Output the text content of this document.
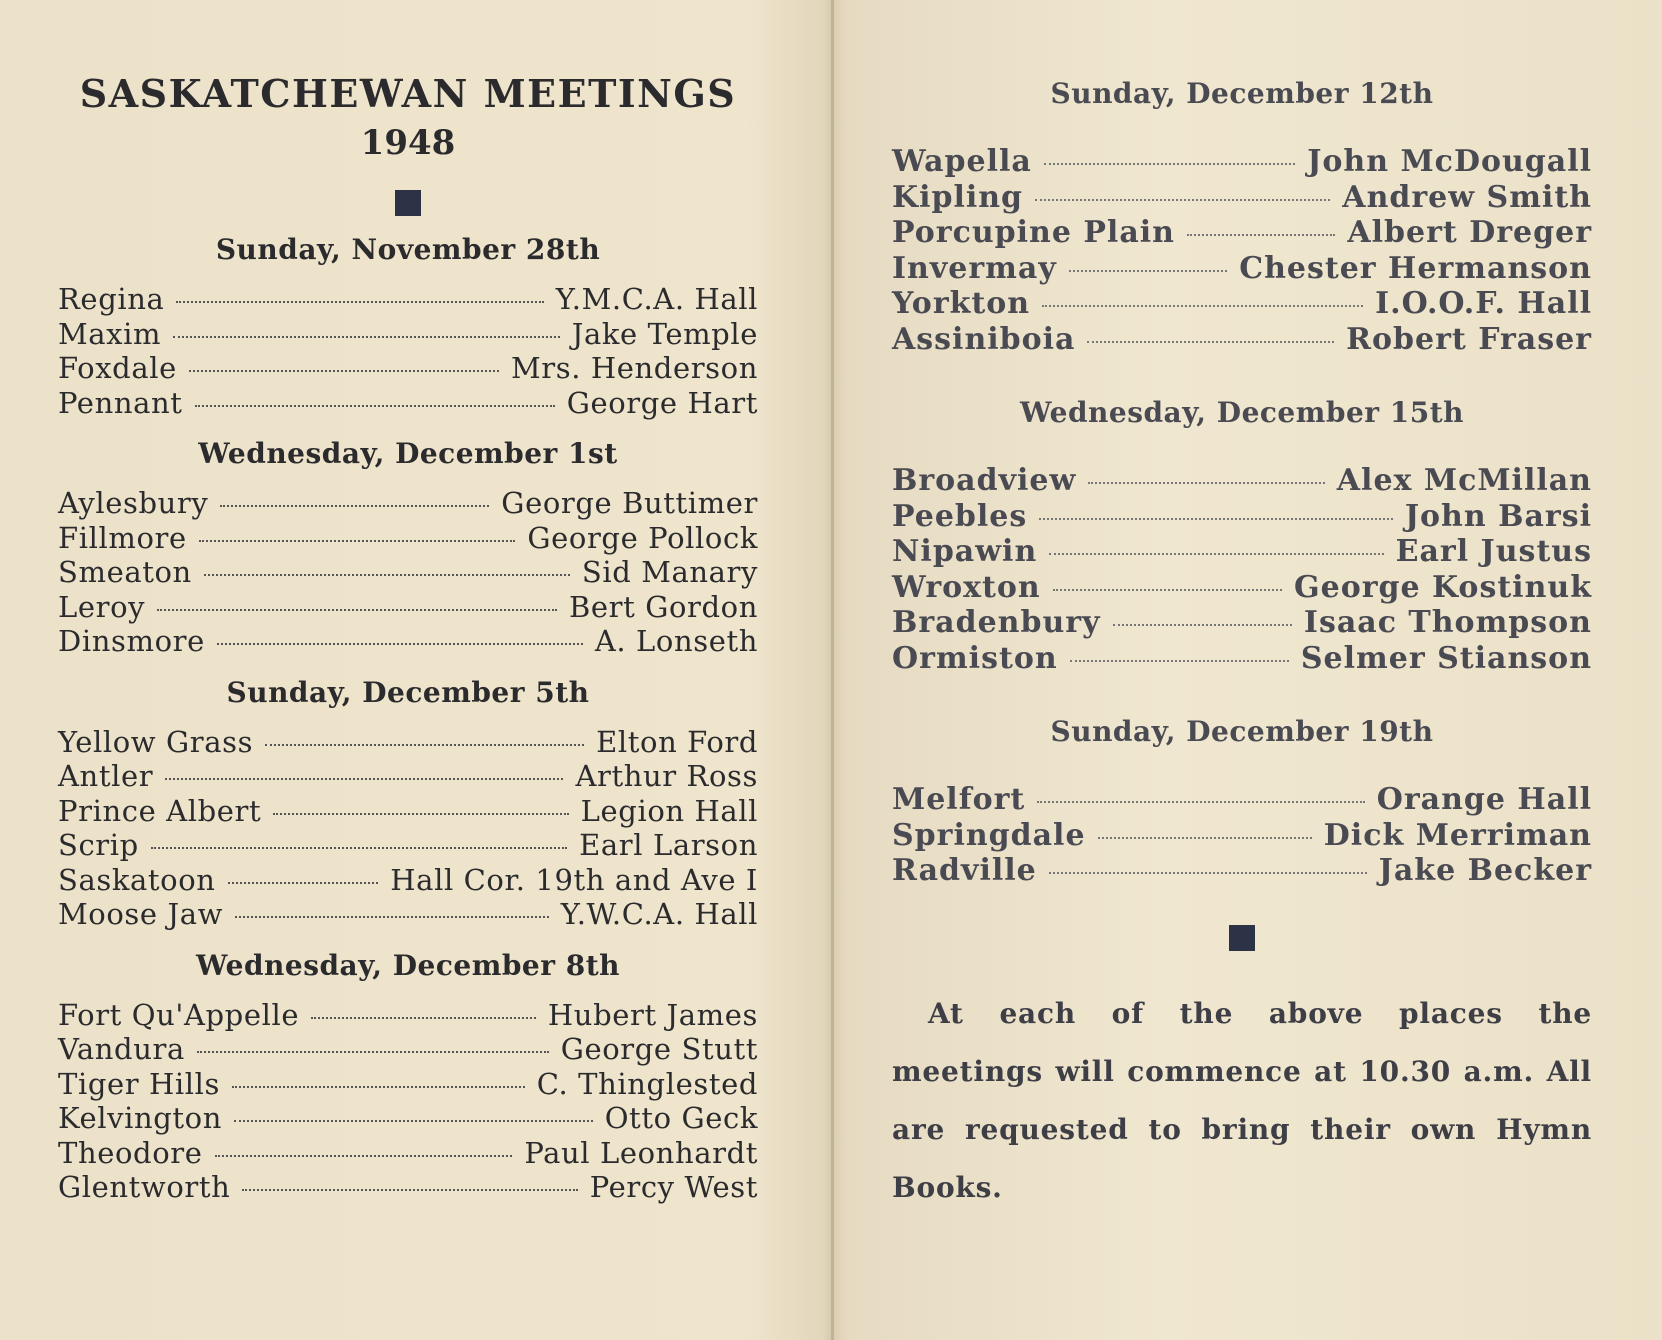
SASKATCHEWAN MEETINGS
1948
Sunday, November 28th
Regina	Y.M.C.A. Hall
Maxim	Jake Temple
Foxdale	Mrs. Henderson
Pennant	George Hart
Wednesday, December 1st
Aylesbury	George Buttimer
Fillmore	George Pollock
Smeaton	Sid Manary
Leroy	Bert Gordon
Dinsmore	A. Lonseth
Sunday, December 5th
Yellow Grass	Elton Ford
Antler	Arthur Ross
Prince Albert	Legion Hall
Scrip	Earl Larson
Saskatoon	Hall Cor. 19th and Ave I
Moose Jaw	Y.W.C.A. Hall
Wednesday, December 8th
Fort Qu'Appelle	Hubert James
Vandura	George Stutt
Tiger Hills	C. Thinglested
Kelvington	Otto Geck
Theodore	Paul Leonhardt
Glentworth	Percy West
Sunday, December 12th
Wapella	John McDougall
Kipling	Andrew Smith
Porcupine Plain	Albert Dreger
Invermay	Chester Hermanson
Yorkton	I.O.O.F. Hall
Assiniboia	Robert Fraser
Wednesday, December 15th
Broadview	Alex McMillan
Peebles	John Barsi
Nipawin	Earl Justus
Wroxton	George Kostinuk
Bradenbury	Isaac Thompson
Ormiston	Selmer Stianson
Sunday, December 19th
Melfort	Orange Hall
Springdale	Dick Merriman
Radville	Jake Becker
At each of the above places the meetings will commence at 10.30 a.m. All are requested to bring their own Hymn Books.
